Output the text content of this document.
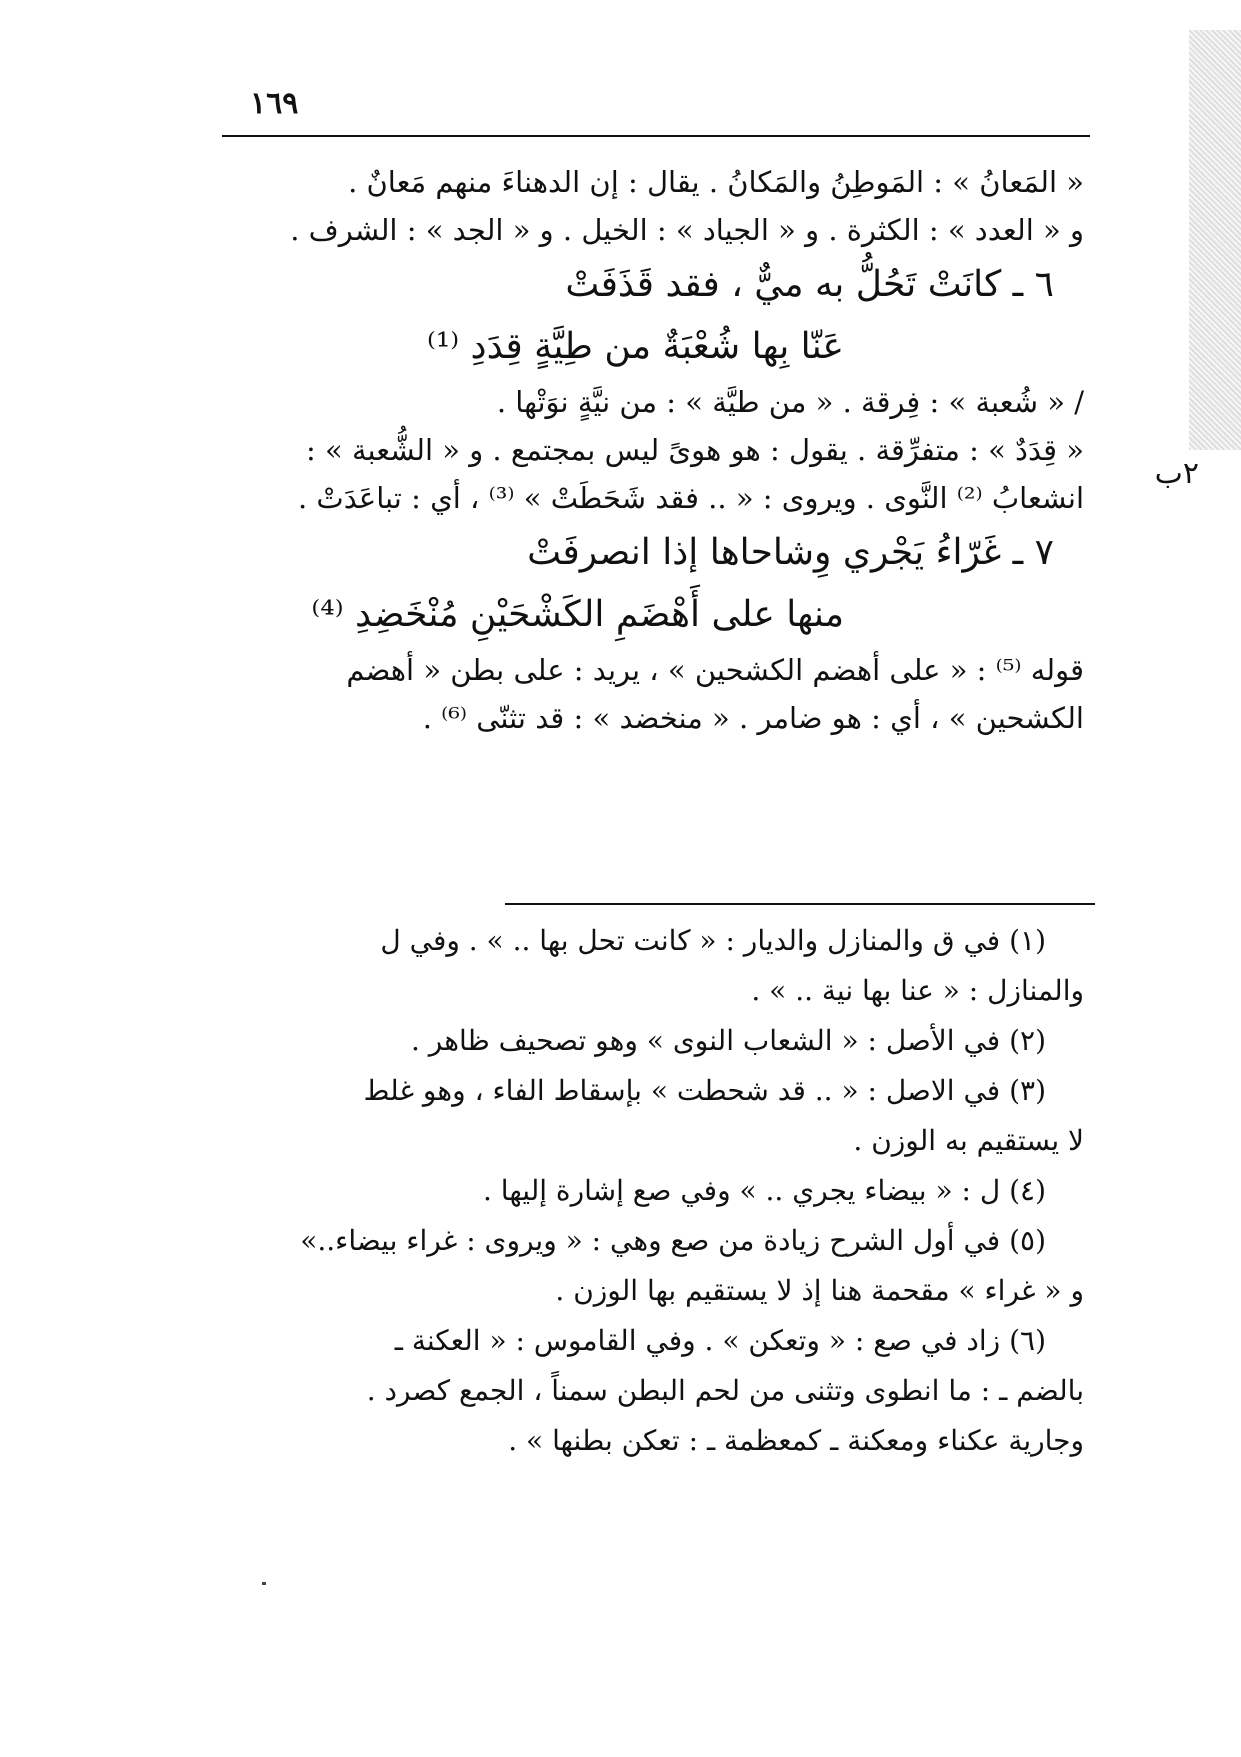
٢ب
١٦٩
« المَعانُ » : المَوطِنُ والمَكانُ . يقال : إن الدهناءَ منهم مَعانٌ .
و « العدد » : الكثرة . و « الجياد » : الخيل . و « الجد » : الشرف .
٦ ـ كانَتْ تَحُلُّ به ميٌّ ، فقد قَذَفَتْ
عَنّا بِها شُعْبَةٌ من طِيَّةٍ قِدَدِ ⁽¹⁾
/ « شُعبة » : فِرقة . « من طيَّة » : من نيَّةٍ نوَتْها .
« قِدَدٌ » : متفرِّقة . يقول : هو هوىً ليس بمجتمع . و « الشُّعبة » :
انشعابُ ⁽²⁾ النَّوى . ويروى : « .. فقد شَحَطَتْ » ⁽³⁾ ، أي : تباعَدَتْ .
٧ ـ غَرّاءُ يَجْري وِشاحاها إذا انصرفَتْ
منها على أَهْضَمِ الكَشْحَيْنِ مُنْخَضِدِ ⁽⁴⁾
قوله ⁽⁵⁾ : « على أهضم الكشحين » ، يريد : على بطن « أهضم
الكشحين » ، أي : هو ضامر . « منخضد » : قد تثنّى ⁽⁶⁾ .
(١) في ق والمنازل والديار : « كانت تحل بها .. » . وفي ل
والمنازل : « عنا بها نية .. » .
(٢) في الأصل : « الشعاب النوى » وهو تصحيف ظاهر .
(٣) في الاصل : « .. قد شحطت » بإسقاط الفاء ، وهو غلط
لا يستقيم به الوزن .
(٤) ل : « بيضاء يجري .. » وفي صع إشارة إليها .
(٥) في أول الشرح زيادة من صع وهي : « ويروى : غراء بيضاء..»
و « غراء » مقحمة هنا إذ لا يستقيم بها الوزن .
(٦) زاد في صع : « وتعكن » . وفي القاموس : « العكنة ـ
بالضم ـ : ما انطوى وتثنى من لحم البطن سمناً ، الجمع كصرد .
وجارية عكناء ومعكنة ـ كمعظمة ـ : تعكن بطنها » .
